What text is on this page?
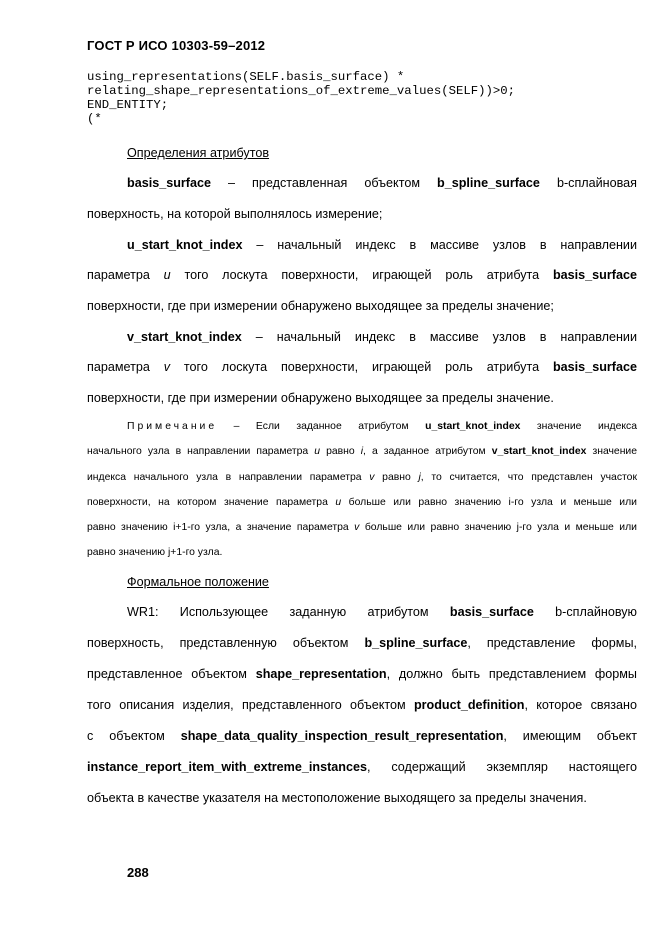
ГОСТ Р ИСО 10303-59–2012
using_representations(SELF.basis_surface) *
relating_shape_representations_of_extreme_values(SELF))>0;
END_ENTITY;
(*
Определения атрибутов
basis_surface – представленная объектом b_spline_surface b-сплайновая
поверхность, на которой выполнялось измерение;
u_start_knot_index – начальный индекс в массиве узлов в направлении
параметра u того лоскута поверхности, играющей роль атрибута basis_surface
поверхности, где при измерении обнаружено выходящее за пределы значение;
v_start_knot_index – начальный индекс в массиве узлов в направлении
параметра v того лоскута поверхности, играющей роль атрибута basis_surface
поверхности, где при измерении обнаружено выходящее за пределы значение.
Примечание – Если заданное атрибутом u_start_knot_index значение индекса
начального узла в направлении параметра u равно i, а заданное атрибутом v_start_knot_index значение
индекса начального узла в направлении параметра v равно j, то считается, что представлен участок
поверхности, на котором значение параметра u больше или равно значению i-го узла и меньше или
равно значению i+1-го узла, а значение параметра v больше или равно значению j-го узла и меньше или
равно значению j+1-го узла.
Формальное положение
WR1: Использующее заданную атрибутом basis_surface b-сплайновую
поверхность, представленную объектом b_spline_surface, представление формы,
представленное объектом shape_representation, должно быть представлением формы
того описания изделия, представленного объектом product_definition, которое связано
с объектом shape_data_quality_inspection_result_representation, имеющим объект
instance_report_item_with_extreme_instances, содержащий экземпляр настоящего
объекта в качестве указателя на местоположение выходящего за пределы значения.
288
